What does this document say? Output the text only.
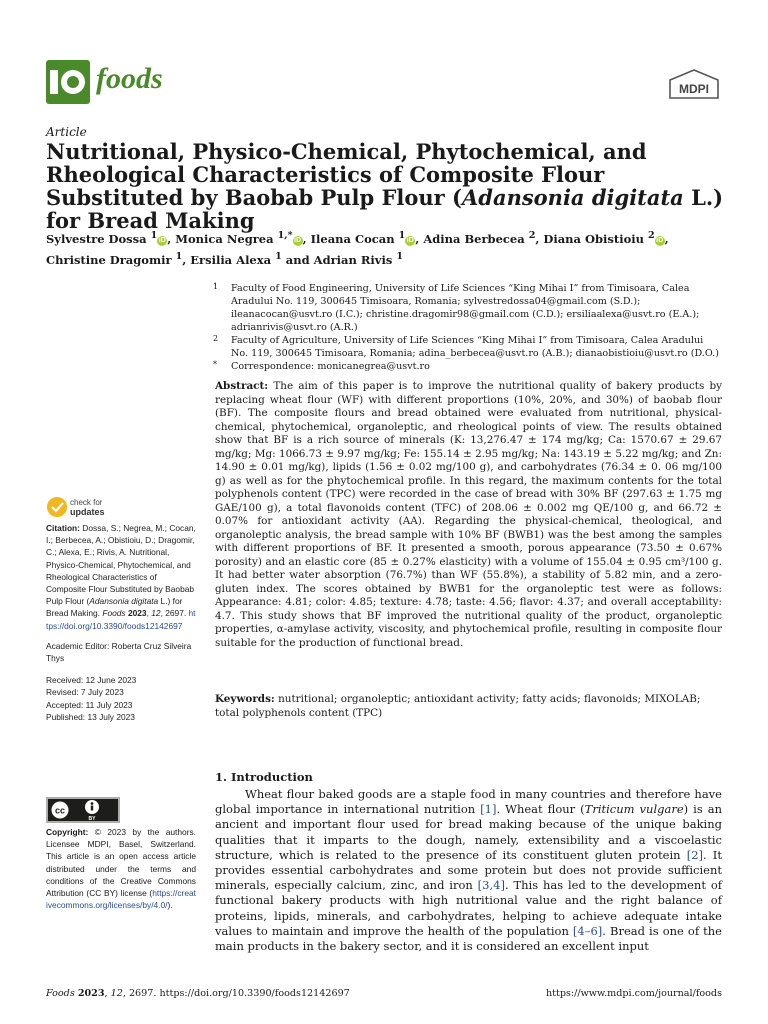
foods	MDPI
Article
Nutritional, Physico-Chemical, Phytochemical, and Rheological Characteristics of Composite Flour Substituted by Baobab Pulp Flour (Adansonia digitata L.) for Bread Making
Sylvestre Dossa $^1$ iD , Monica Negrea $^{1,*}$ iD , Ileana Cocan $^1$ iD , Adina Berbecea $^2$, Diana Obistioiu $^2$ iD ,
Christine Dragomir $^1$, Ersilia Alexa $^1$ and Adrian Rivis $^1$
1 Faculty of Food Engineering, University of Life Sciences “King Mihai I” from Timisoara, Calea Aradului No. 119, 300645 Timisoara, Romania; sylvestredossa04@gmail.com (S.D.); ileanacocan@usvt.ro (I.C.); christine.dragomir98@gmail.com (C.D.); ersiliaalexa@usvt.ro (E.A.); adrianrivis@usvt.ro (A.R.)
2 Faculty of Agriculture, University of Life Sciences “King Mihai I” from Timisoara, Calea Aradului No. 119, 300645 Timisoara, Romania; adina_berbecea@usvt.ro (A.B.); dianaobistioiu@usvt.ro (D.O.)
* Correspondence: monicanegrea@usvt.ro
Abstract: The aim of this paper is to improve the nutritional quality of bakery products by replacing wheat flour (WF) with different proportions (10%, 20%, and 30%) of baobab flour (BF). The composite flours and bread obtained were evaluated from nutritional, physical-chemical, phytochemical, organoleptic, and rheological points of view. The results obtained show that BF is a rich source of minerals (K: 13,276.47 ± 174 mg/kg; Ca: 1570.67 ± 29.67 mg/kg; Mg: 1066.73 ± 9.97 mg/kg; Fe: 155.14 ± 2.95 mg/kg; Na: 143.19 ± 5.22 mg/kg; and Zn: 14.90 ± 0.01 mg/kg), lipids (1.56 ± 0.02 mg/100 g), and carbohydrates (76.34 ± 0. 06 mg/100 g) as well as for the phytochemical profile. In this regard, the maximum contents for the total polyphenols content (TPC) were recorded in the case of bread with 30% BF (297.63 ± 1.75 mg GAE/100 g), a total flavonoids content (TFC) of 208.06 ± 0.002 mg QE/100 g, and 66.72 ± 0.07% for antioxidant activity (AA). Regarding the physical-chemical, theological, and organoleptic analysis, the bread sample with 10% BF (BWB1) was the best among the samples with different proportions of BF. It presented a smooth, porous appearance (73.50 ± 0.67% porosity) and an elastic core (85 ± 0.27% elasticity) with a volume of 155.04 ± 0.95 cm³/100 g. It had better water absorption (76.7%) than WF (55.8%), a stability of 5.82 min, and a zero-gluten index. The scores obtained by BWB1 for the organoleptic test were as follows: Appearance: 4.81; color: 4.85; texture: 4.78; taste: 4.56; flavor: 4.37; and overall acceptability: 4.7. This study shows that BF improved the nutritional quality of the product, organoleptic properties, α-amylase activity, viscosity, and phytochemical profile, resulting in composite flour suitable for the production of functional bread.
Keywords: nutritional; organoleptic; antioxidant activity; fatty acids; flavonoids; MIXOLAB; total polyphenols content (TPC)
check for
updates

Citation: Dossa, S.; Negrea, M.; Cocan, I.; Berbecea, A.; Obistioiu, D.; Dragomir, C.; Alexa, E.; Rivis, A. Nutritional, Physico-Chemical, Phytochemical, and Rheological Characteristics of Composite Flour Substituted by Baobab Pulp Flour (Adansonia digitata L.) for Bread Making. Foods 2023, 12, 2697. https://doi.org/10.3390/foods12142697

Academic Editor: Roberta Cruz Silveira Thys

Received: 12 June 2023
Revised: 7 July 2023
Accepted: 11 July 2023
Published: 13 July 2023

cc
BY
Copyright: © 2023 by the authors. Licensee MDPI, Basel, Switzerland. This article is an open access article distributed under the terms and conditions of the Creative Commons Attribution (CC BY) license (https://creativecommons.org/licenses/by/4.0/).
1. Introduction
Wheat flour baked goods are a staple food in many countries and therefore have global importance in international nutrition [1]. Wheat flour (Triticum vulgare) is an ancient and important flour used for bread making because of the unique baking qualities that it imparts to the dough, namely, extensibility and a viscoelastic structure, which is related to the presence of its constituent gluten protein [2]. It provides essential carbohydrates and some protein but does not provide sufficient minerals, especially calcium, zinc, and iron [3,4]. This has led to the development of functional bakery products with high nutritional value and the right balance of proteins, lipids, minerals, and carbohydrates, helping to achieve adequate intake values to maintain and improve the health of the population [4–6]. Bread is one of the main products in the bakery sector, and it is considered an excellent input
Foods 2023, 12, 2697. https://doi.org/10.3390/foods12142697	https://www.mdpi.com/journal/foods
